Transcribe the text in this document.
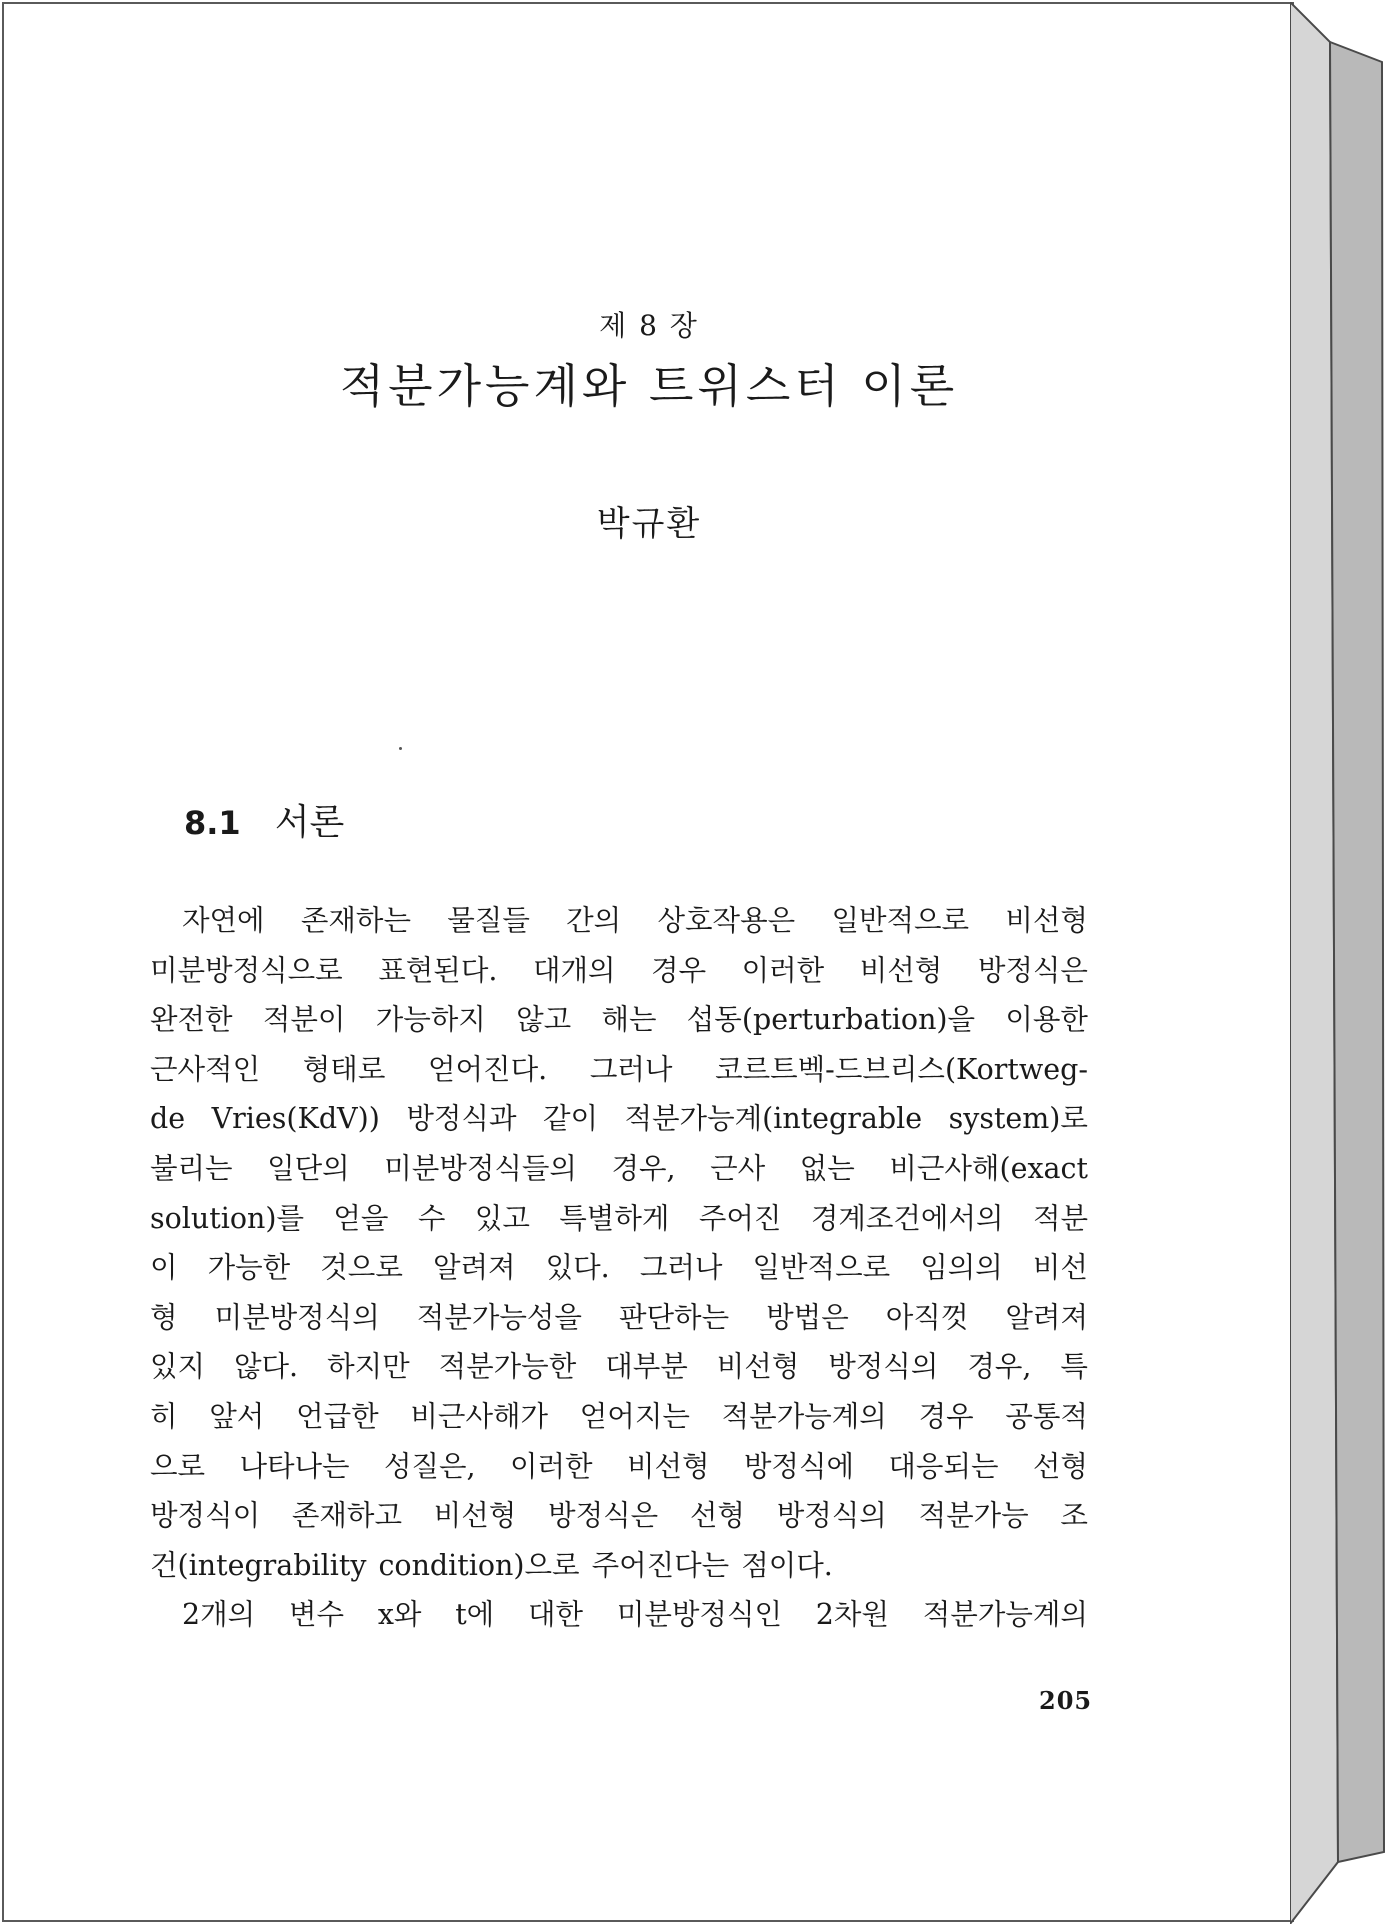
제 8 장
적분가능계와 트위스터 이론
박규환
8.1 서론
자연에 존재하는 물질들 간의 상호작용은 일반적으로 비선형
미분방정식으로 표현된다. 대개의 경우 이러한 비선형 방정식은
완전한 적분이 가능하지 않고 해는 섭동(perturbation)을 이용한
근사적인 형태로 얻어진다. 그러나 코르트벡-드브리스(Kortweg-
de Vries(KdV)) 방정식과 같이 적분가능계(integrable system)로
불리는 일단의 미분방정식들의 경우, 근사 없는 비근사해(exact
solution)를 얻을 수 있고 특별하게 주어진 경계조건에서의 적분
이 가능한 것으로 알려져 있다. 그러나 일반적으로 임의의 비선
형 미분방정식의 적분가능성을 판단하는 방법은 아직껏 알려져
있지 않다. 하지만 적분가능한 대부분 비선형 방정식의 경우, 특
히 앞서 언급한 비근사해가 얻어지는 적분가능계의 경우 공통적
으로 나타나는 성질은, 이러한 비선형 방정식에 대응되는 선형
방정식이 존재하고 비선형 방정식은 선형 방정식의 적분가능 조
건(integrability condition)으로 주어진다는 점이다.
2개의 변수 x와 t에 대한 미분방정식인 2차원 적분가능계의
205
